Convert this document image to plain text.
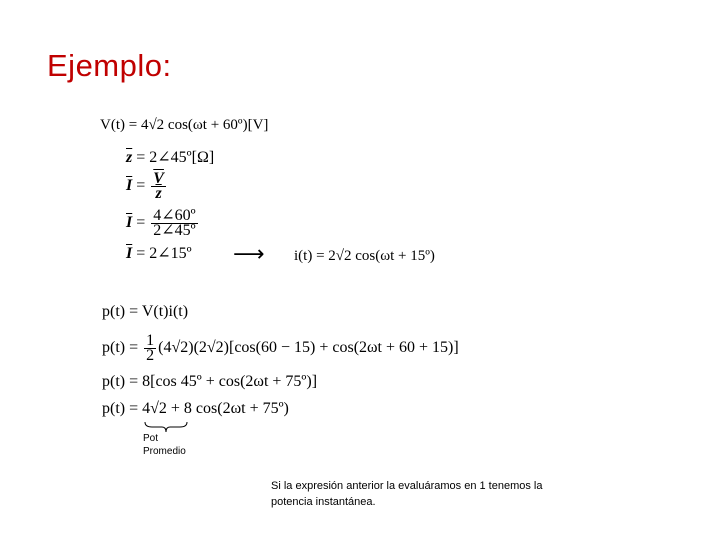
Ejemplo:
V(t) = 4√2 cos(ωt + 60º)[V]
$\overline{z}$ = 2∠45º[Ω]
$\overline{I} = \frac{\overline{V}}{z}$
$\overline{I} = \frac{\text{4∠60º}}{\text{2∠45º}}$
$\overline{I}$ = 2∠15º ⟶ i(t) = 2√2 cos(ωt + 15º)
p(t) = V(t)i(t)
$p(t) = \frac{1}{2} (4√2)(2√2)[\cos(60 - 15) + \cos(2\omega t + 60 + 15)]$
p(t) = 8[cos 45º + cos(2ωt + 75º)]
p(t) = 4√2 + 8 cos(2ωt + 75º)
Pot
Promedio
Si la expresión anterior la evaluáramos en 1 tenemos la
potencia instantánea.
